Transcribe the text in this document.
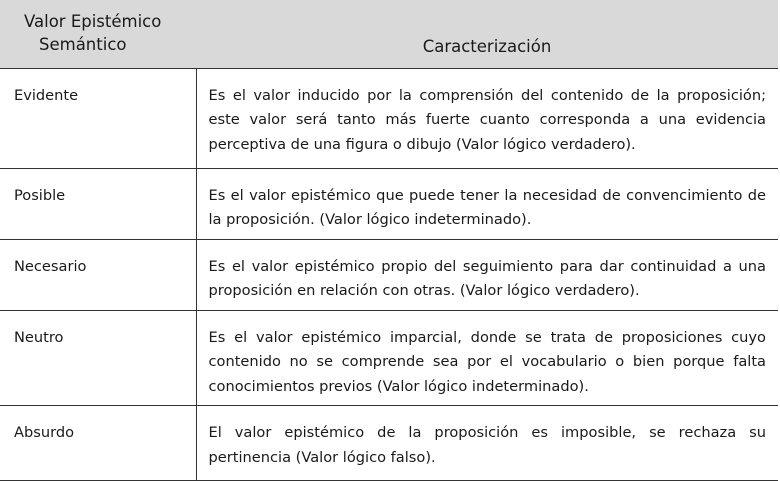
Valor Epistémico
Semántico	Caracterización
Evidente	Es el valor inducido por la comprensión del contenido de la proposición; este valor será tanto más fuerte cuanto corresponda a una evidencia perceptiva de una figura o dibujo (Valor lógico verdadero).
Posible	Es el valor epistémico que puede tener la necesidad de convencimiento de la proposición. (Valor lógico indeterminado).
Necesario	Es el valor epistémico propio del seguimiento para dar continuidad a una proposición en relación con otras. (Valor lógico verdadero).
Neutro	Es el valor epistémico imparcial, donde se trata de proposiciones cuyo contenido no se comprende sea por el vocabulario o bien porque falta conocimientos previos (Valor lógico indeterminado).
Absurdo	El valor epistémico de la proposición es imposible, se rechaza su pertinencia (Valor lógico falso).
